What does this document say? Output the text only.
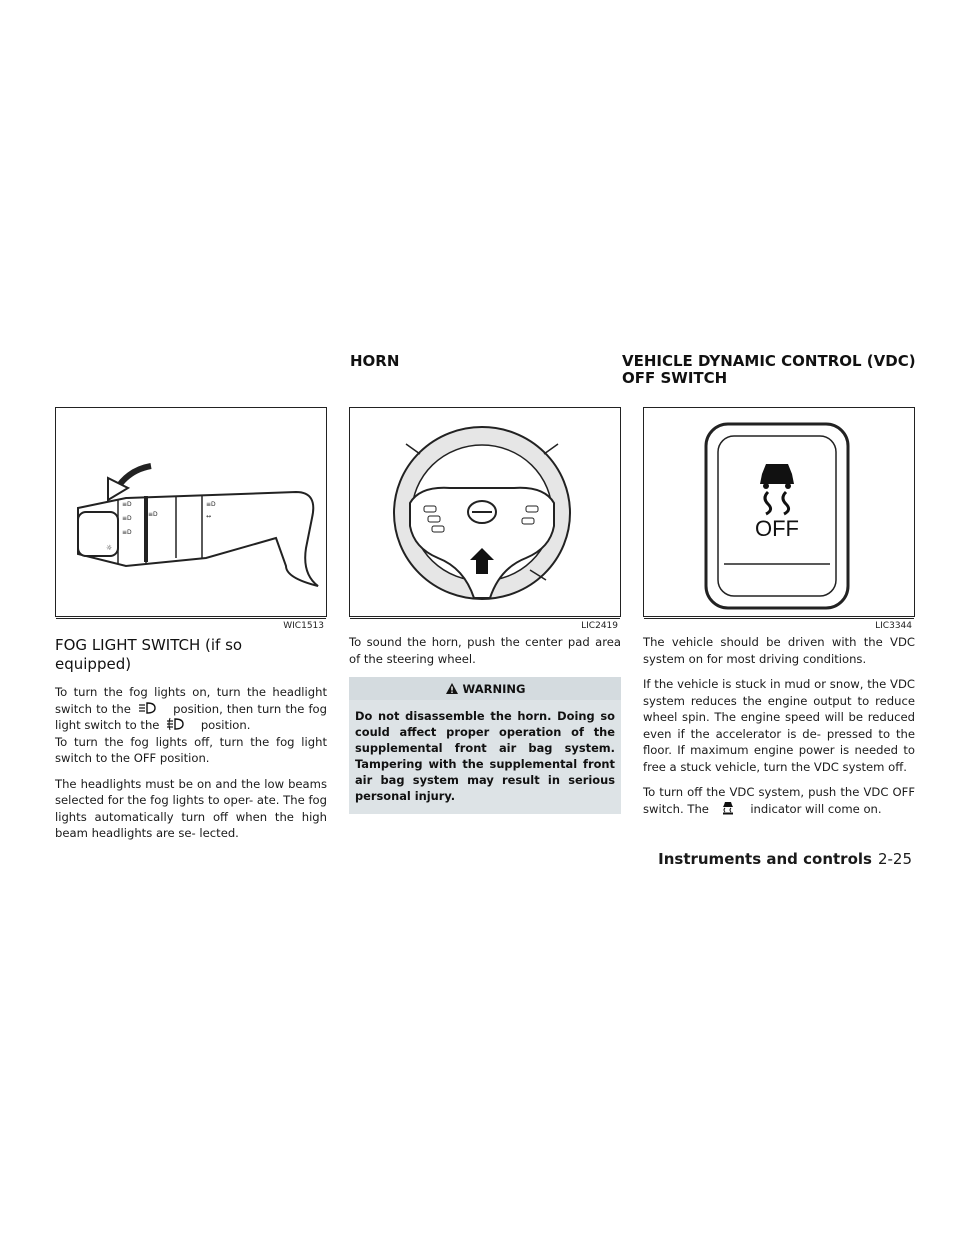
HORN	VEHICLE DYNAMIC CONTROL (VDC)
OFF SWITCH
≡D
≡D
≡D
≡D
≡D
↔
☼
WIC1513	LIC2419
OFF
LIC3344
FOG LIGHT SWITCH (if so
equipped)

To turn the fog lights on, turn the headlight switch to the	position, then turn the fog light switch to the	position.

To turn the fog lights off, turn the fog light switch to the OFF position.

The headlights must be on and the low beams selected for the fog lights to oper- ate. The fog lights automatically turn off when the high beam headlights are se- lected.

To sound the horn, push the center pad area of the steering wheel.

WARNING
Do not disassemble the horn. Doing so could affect proper operation of the supplemental front air bag system. Tampering with the supplemental front air bag system may result in serious personal injury.

The vehicle should be driven with the VDC system on for most driving conditions.

If the vehicle is stuck in mud or snow, the VDC system reduces the engine output to reduce wheel spin. The engine speed will be reduced even if the accelerator is de- pressed to the floor. If maximum engine power is needed to free a stuck vehicle, turn the VDC system off.

To turn off the VDC system, push the VDC OFF switch. The	indicator will come on.

Instruments and controls 2-25
